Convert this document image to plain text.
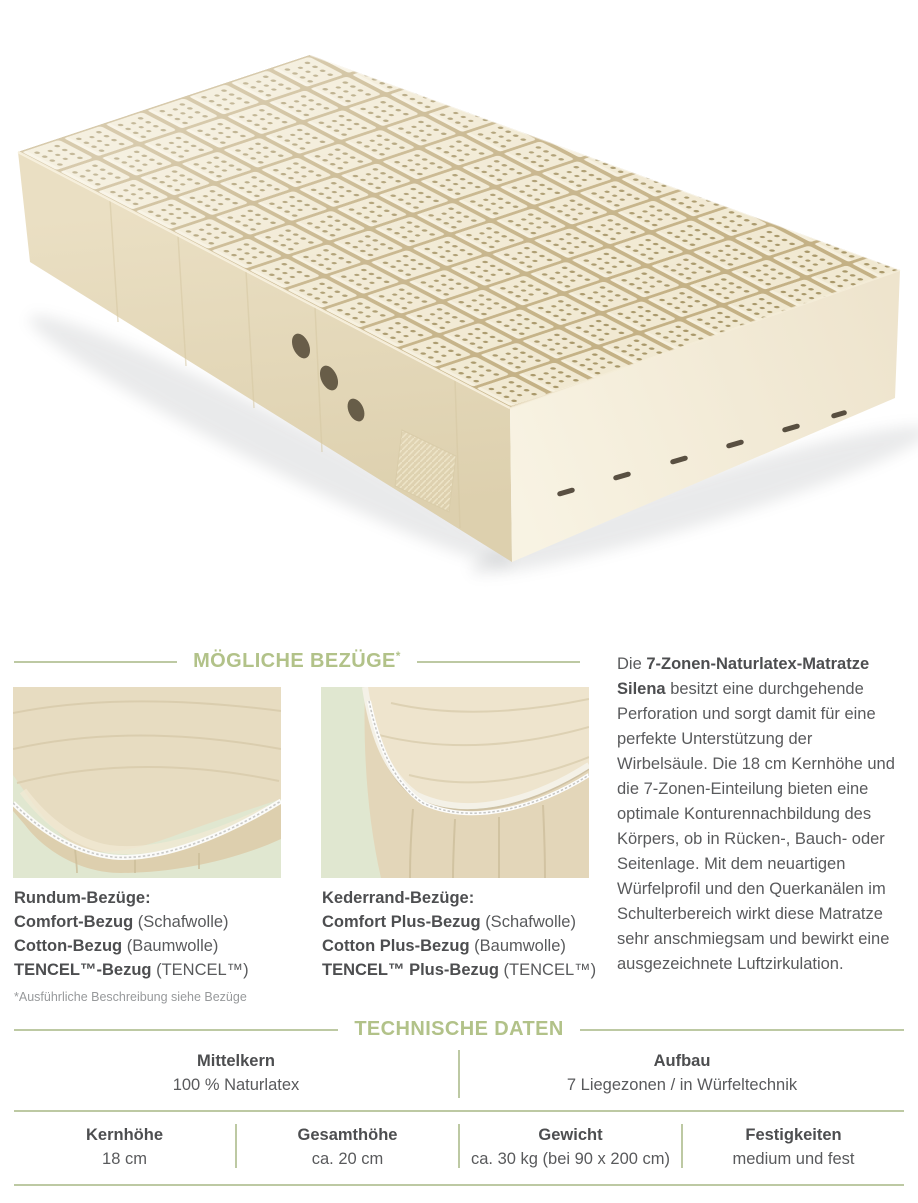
MÖGLICHE BEZÜGE*
Rundum-Bezüge:
Comfort-Bezug (Schafwolle)
Cotton-Bezug (Baumwolle)
TENCEL™-Bezug (TENCEL™)
Kederrand-Bezüge:
Comfort Plus-Bezug (Schafwolle)
Cotton Plus-Bezug (Baumwolle)
TENCEL™ Plus-Bezug (TENCEL™)
*Ausführliche Beschreibung siehe Bezüge

Die 7-Zonen-Naturlatex-Matratze Silena besitzt eine durchgehende Perforation und sorgt damit für eine perfekte Unterstützung der Wirbelsäule. Die 18 cm Kernhöhe und die 7-Zonen-Einteilung bieten eine optimale Konturennachbildung des Körpers, ob in Rücken-, Bauch- oder Seitenlage. Mit dem neuartigen Würfelprofil und den Querkanälen im Schulterbereich wirkt diese Matratze sehr anschmiegsam und bewirkt eine ausgezeichnete Luftzirkulation.

TECHNISCHE DATEN
Mittelkern
100 % Naturlatex
Aufbau
7 Liegezonen / in Würfeltechnik
Kernhöhe
18 cm
Gesamthöhe
ca. 20 cm
Gewicht
ca. 30 kg (bei 90 x 200 cm)
Festigkeiten
medium und fest
